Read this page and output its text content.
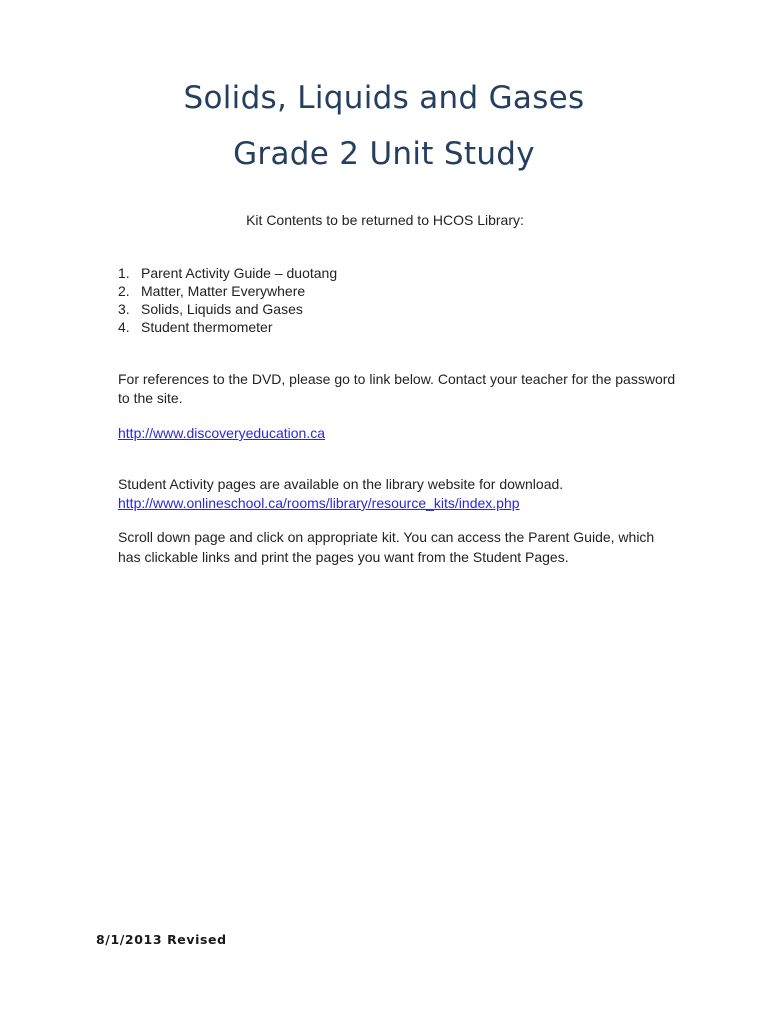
Solids, Liquids and Gases
Grade 2 Unit Study
Kit Contents to be returned to HCOS Library:
1. Parent Activity Guide – duotang
2. Matter, Matter Everywhere
3. Solids, Liquids and Gases
4. Student thermometer

For references to the DVD, please go to link below. Contact your teacher for the password to the site.

http://www.discoveryeducation.ca

Student Activity pages are available on the library website for download.
http://www.onlineschool.ca/rooms/library/resource_kits/index.php

Scroll down page and click on appropriate kit. You can access the Parent Guide, which has clickable links and print the pages you want from the Student Pages.

8/1/2013 Revised
